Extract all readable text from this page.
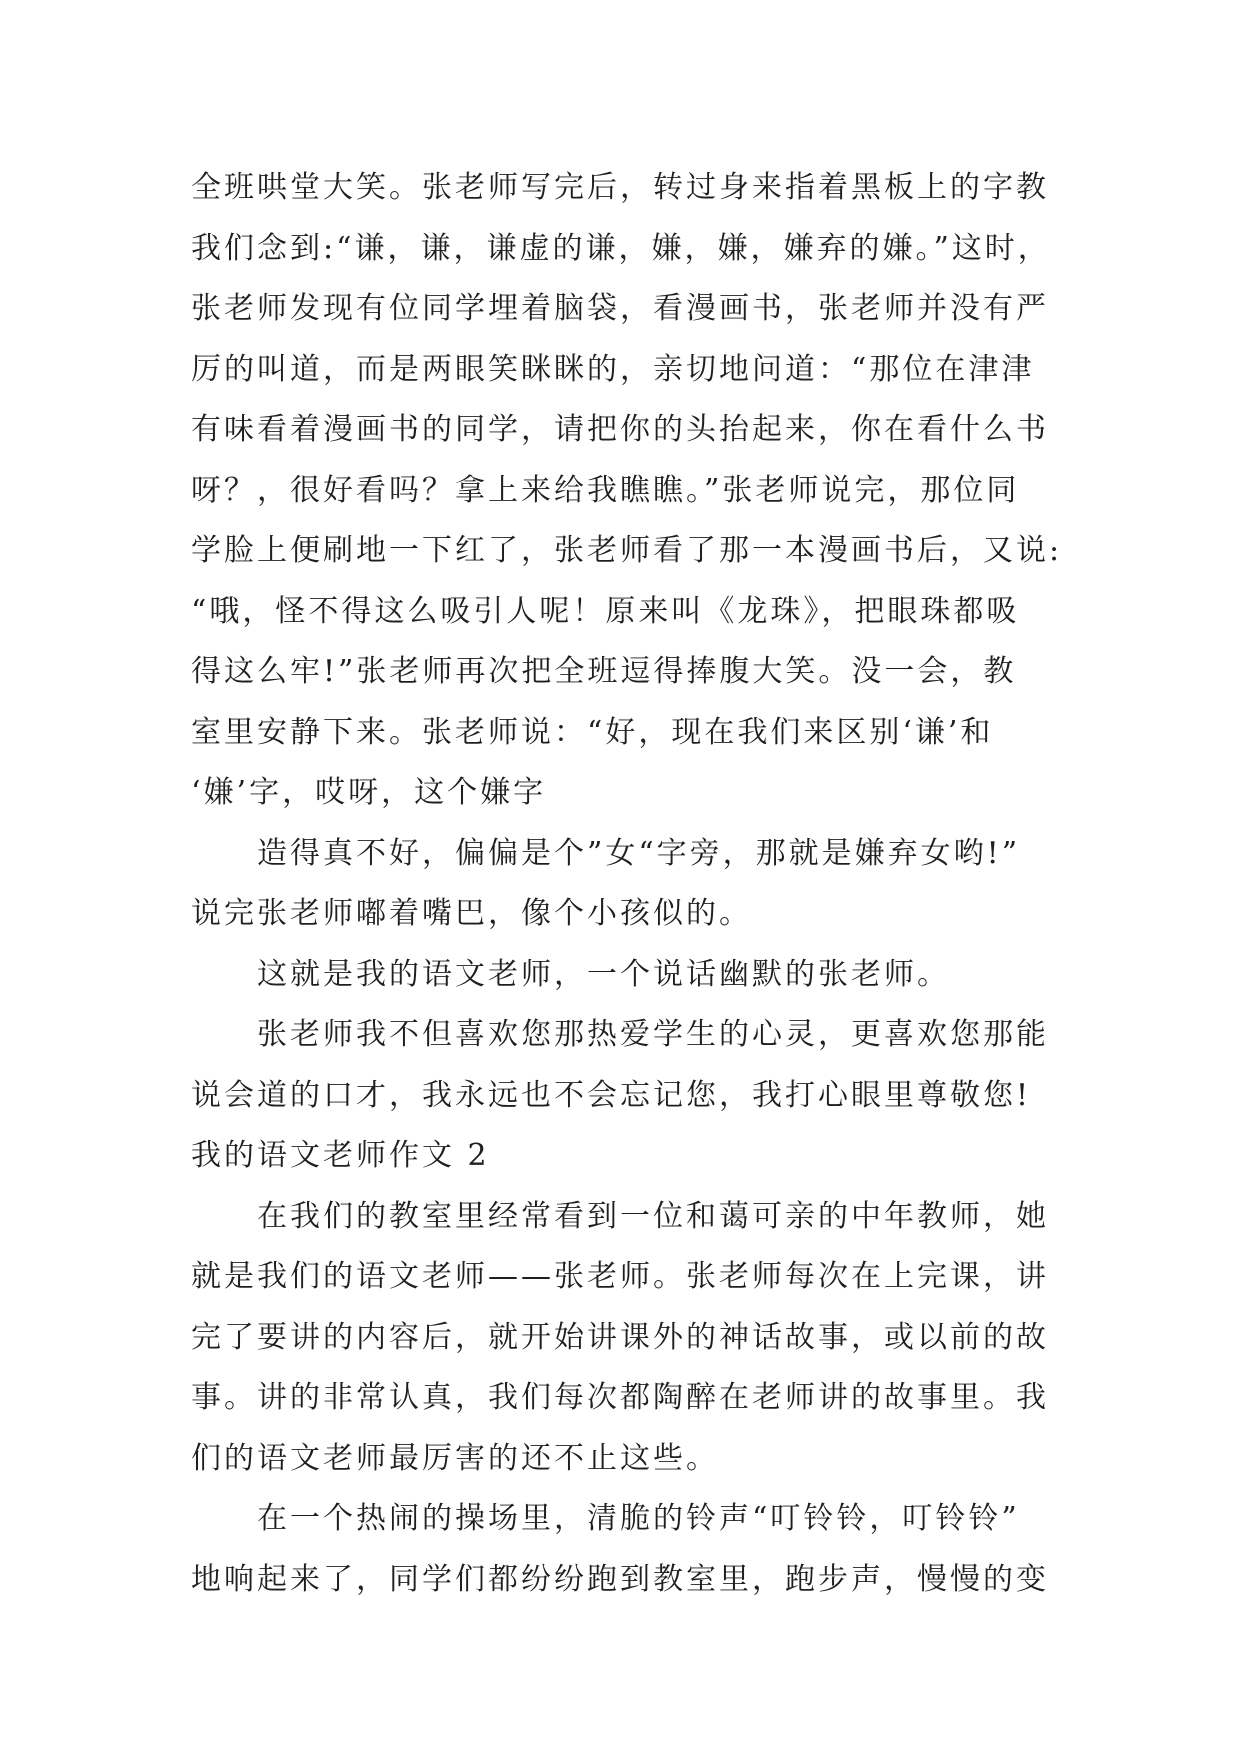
全班哄堂大笑。张老师写完后，转过身来指着黑板上的字教
我们念到:“谦，谦，谦虚的谦，嫌，嫌，嫌弃的嫌。”这时，
张老师发现有位同学埋着脑袋，看漫画书，张老师并没有严
厉的叫道，而是两眼笑眯眯的，亲切地问道：“那位在津津
有味看着漫画书的同学，请把你的头抬起来，你在看什么书
呀？，很好看吗？拿上来给我瞧瞧。”张老师说完，那位同
学脸上便刷地一下红了，张老师看了那一本漫画书后，又说:
“哦，怪不得这么吸引人呢！原来叫《龙珠》，把眼珠都吸
得这么牢!”张老师再次把全班逗得捧腹大笑。没一会，教
室里安静下来。张老师说：“好，现在我们来区别‘谦’和
‘嫌’字，哎呀，这个嫌字
造得真不好，偏偏是个”女“字旁，那就是嫌弃女哟!”
说完张老师嘟着嘴巴，像个小孩似的。
这就是我的语文老师，一个说话幽默的张老师。
张老师我不但喜欢您那热爱学生的心灵，更喜欢您那能
说会道的口才，我永远也不会忘记您，我打心眼里尊敬您!
我的语文老师作文 2
在我们的教室里经常看到一位和蔼可亲的中年教师，她
就是我们的语文老师——张老师。张老师每次在上完课，讲
完了要讲的内容后，就开始讲课外的神话故事，或以前的故
事。讲的非常认真，我们每次都陶醉在老师讲的故事里。我
们的语文老师最厉害的还不止这些。
在一个热闹的操场里，清脆的铃声“叮铃铃，叮铃铃”
地响起来了，同学们都纷纷跑到教室里，跑步声，慢慢的变
